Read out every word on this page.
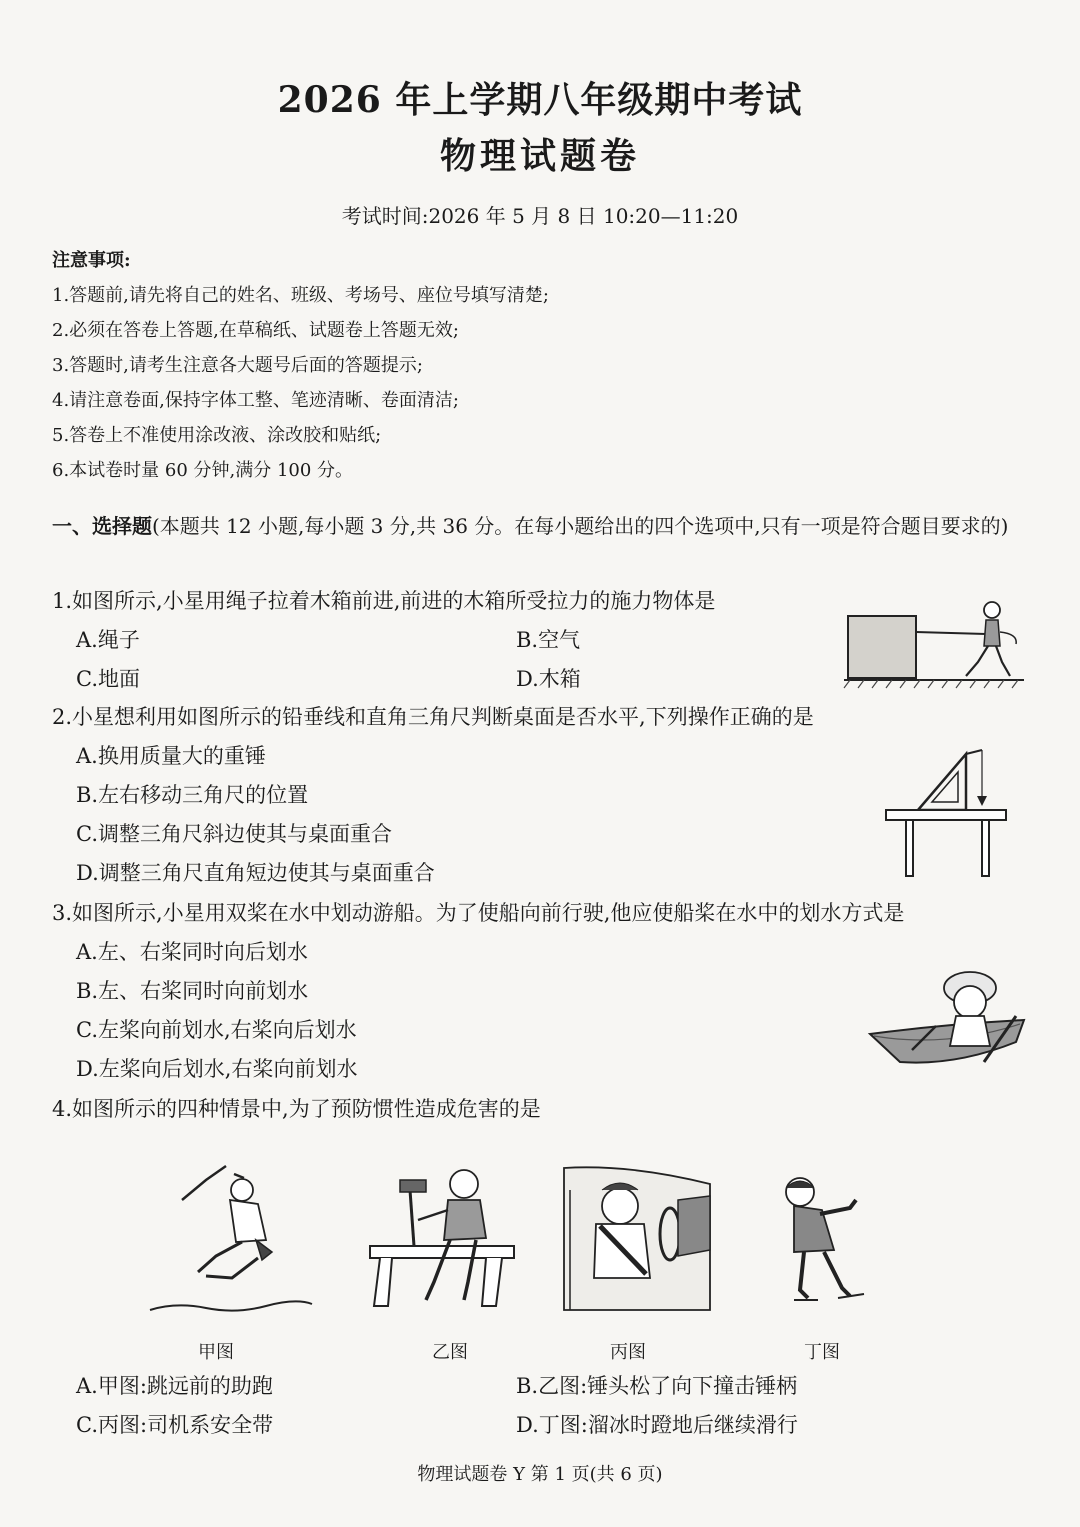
2026 年上学期八年级期中考试
物理试题卷
考试时间:2026 年 5 月 8 日 10:20—11:20
注意事项:
1.答题前,请先将自己的姓名、班级、考场号、座位号填写清楚;
2.必须在答卷上答题,在草稿纸、试题卷上答题无效;
3.答题时,请考生注意各大题号后面的答题提示;
4.请注意卷面,保持字体工整、笔迹清晰、卷面清洁;
5.答卷上不准使用涂改液、涂改胶和贴纸;
6.本试卷时量 60 分钟,满分 100 分。
一、选择题(本题共 12 小题,每小题 3 分,共 36 分。在每小题给出的四个选项中,只有一项是符合题目要求的)
1.如图所示,小星用绳子拉着木箱前进,前进的木箱所受拉力的施力物体是
A.绳子	B.空气
C.地面	D.木箱
2.小星想利用如图所示的铅垂线和直角三角尺判断桌面是否水平,下列操作正确的是
A.换用质量大的重锤
B.左右移动三角尺的位置
C.调整三角尺斜边使其与桌面重合
D.调整三角尺直角短边使其与桌面重合
3.如图所示,小星用双桨在水中划动游船。为了使船向前行驶,他应使船桨在水中的划水方式是
A.左、右桨同时向后划水
B.左、右桨同时向前划水
C.左桨向前划水,右桨向后划水
D.左桨向后划水,右桨向前划水
4.如图所示的四种情景中,为了预防惯性造成危害的是
甲图	乙图	丙图	丁图
A.甲图:跳远前的助跑	B.乙图:锤头松了向下撞击锤柄
C.丙图:司机系安全带	D.丁图:溜冰时蹬地后继续滑行
物理试题卷 Y 第 1 页(共 6 页)
